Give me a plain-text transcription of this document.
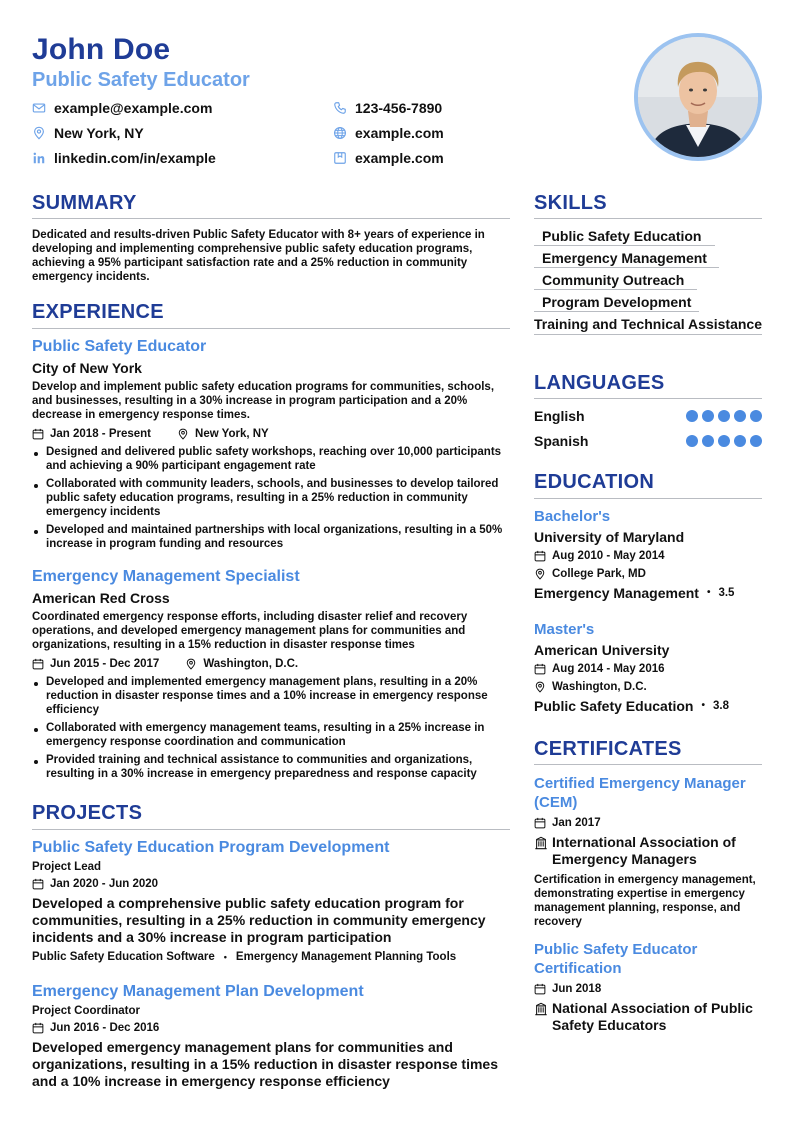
John Doe
Public Safety Educator
example@example.com	123-456-7890
New York, NY	example.com
linkedin.com/in/example	example.com
SUMMARY
Dedicated and results-driven Public Safety Educator with 8+ years of experience in developing and implementing comprehensive public safety education programs, achieving a 95% participant satisfaction rate and a 25% reduction in community emergency incidents.
EXPERIENCE
Public Safety Educator
City of New York
Develop and implement public safety education programs for communities, schools, and businesses, resulting in a 30% increase in program participation and a 20% decrease in emergency response times.
Jan 2018 - Present	New York, NY
Designed and delivered public safety workshops, reaching over 10,000 participants and achieving a 90% participant engagement rate
Collaborated with community leaders, schools, and businesses to develop tailored public safety education programs, resulting in a 25% reduction in community emergency incidents
Developed and maintained partnerships with local organizations, resulting in a 50% increase in program funding and resources
Emergency Management Specialist
American Red Cross
Coordinated emergency response efforts, including disaster relief and recovery operations, and developed emergency management plans for communities and organizations, resulting in a 15% reduction in disaster response times
Jun 2015 - Dec 2017	Washington, D.C.
Developed and implemented emergency management plans, resulting in a 20% reduction in disaster response times and a 10% increase in emergency response efficiency
Collaborated with emergency management teams, resulting in a 25% increase in emergency response coordination and communication
Provided training and technical assistance to communities and organizations, resulting in a 30% increase in emergency preparedness and response capacity
PROJECTS
Public Safety Education Program Development
Project Lead
Jan 2020 - Jun 2020
Developed a comprehensive public safety education program for communities, resulting in a 25% reduction in community emergency incidents and a 30% increase in program participation
Public Safety Education Software • Emergency Management Planning Tools
Emergency Management Plan Development
Project Coordinator
Jun 2016 - Dec 2016
Developed emergency management plans for communities and organizations, resulting in a 15% reduction in disaster response times and a 10% increase in emergency response efficiency
SKILLS
Public Safety Education
Emergency Management
Community Outreach
Program Development
Training and Technical Assistance
LANGUAGES
English
Spanish
EDUCATION
Bachelor's
University of Maryland
Aug 2010 - May 2014
College Park, MD
Emergency Management • 3.5
Master's
American University
Aug 2014 - May 2016
Washington, D.C.
Public Safety Education • 3.8
CERTIFICATES
Certified Emergency Manager (CEM)
Jan 2017
International Association of Emergency Managers
Certification in emergency management, demonstrating expertise in emergency management planning, response, and recovery
Public Safety Educator Certification
Jun 2018
National Association of Public Safety Educators
